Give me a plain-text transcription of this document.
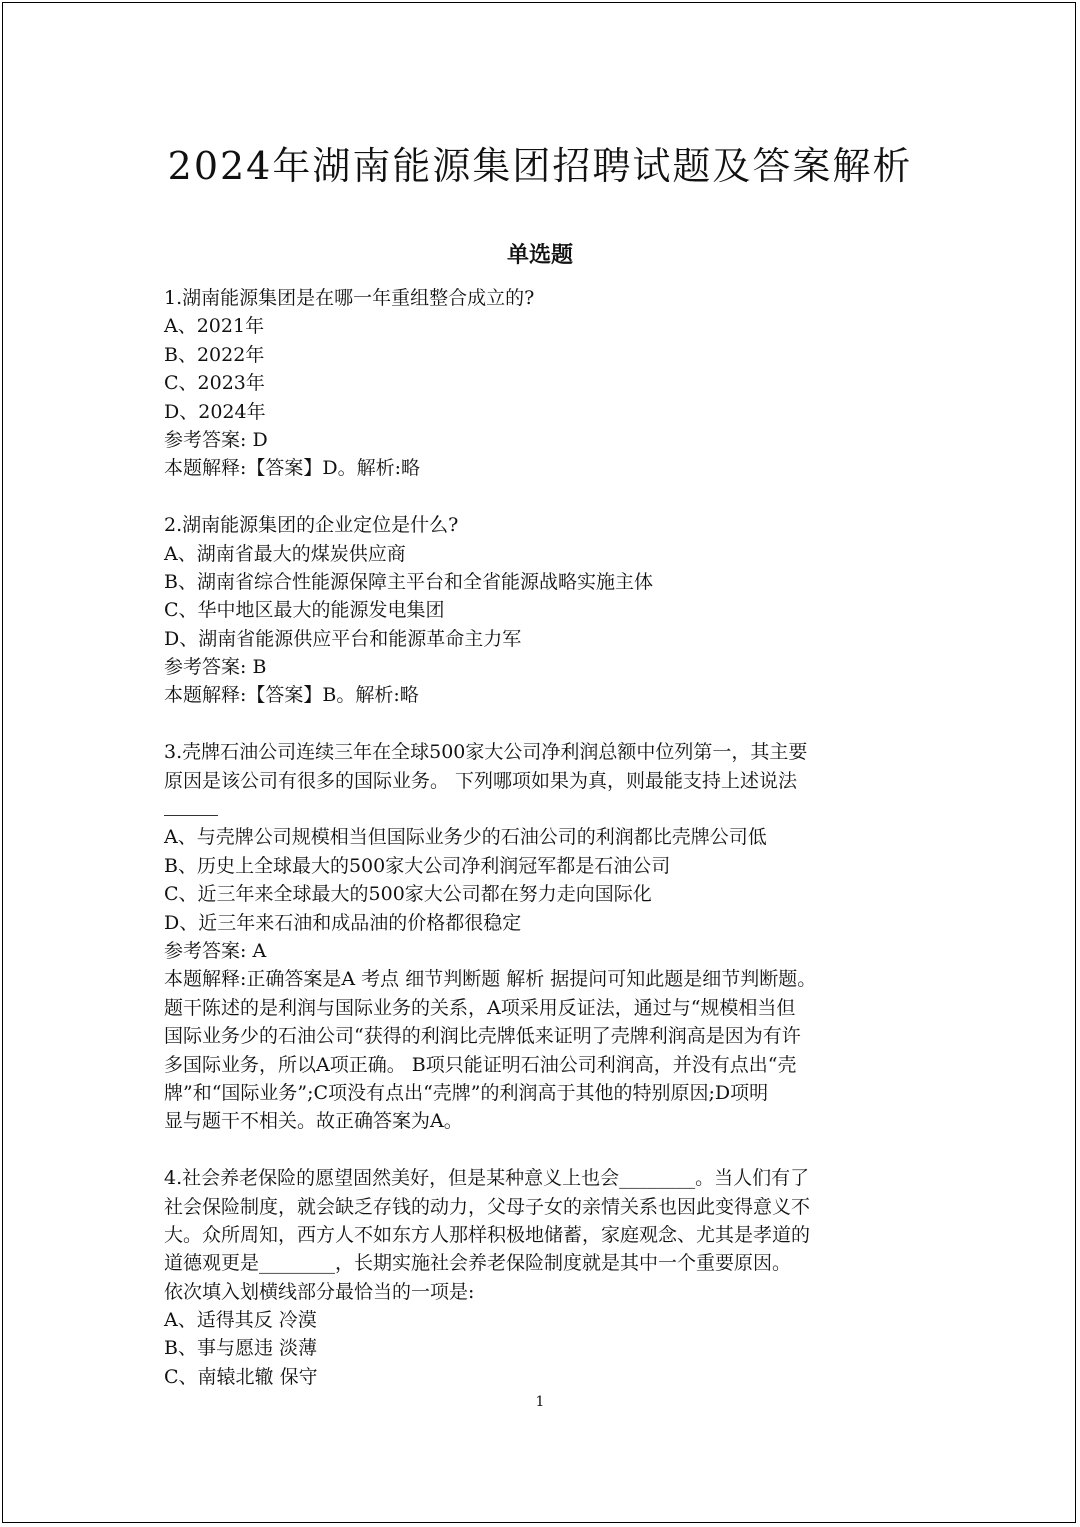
2024年湖南能源集团招聘试题及答案解析
单选题

1.湖南能源集团是在哪一年重组整合成立的?

A、2021年

B、2022年

C、2023年

D、2024年

参考答案: D

本题解释:【答案】D。解析:略

2.湖南能源集团的企业定位是什么?

A、湖南省最大的煤炭供应商

B、湖南省综合性能源保障主平台和全省能源战略实施主体

C、华中地区最大的能源发电集团

D、湖南省能源供应平台和能源革命主力军

参考答案: B

本题解释:【答案】B。解析:略

3.壳牌石油公司连续三年在全球500家大公司净利润总额中位列第一，其主要

原因是该公司有很多的国际业务。 下列哪项如果为真，则最能支持上述说法

A、与壳牌公司规模相当但国际业务少的石油公司的利润都比壳牌公司低

B、历史上全球最大的500家大公司净利润冠军都是石油公司

C、近三年来全球最大的500家大公司都在努力走向国际化

D、近三年来石油和成品油的价格都很稳定

参考答案: A

本题解释:正确答案是A 考点 细节判断题 解析 据提问可知此题是细节判断题。

题干陈述的是利润与国际业务的关系，A项采用反证法，通过与“规模相当但

国际业务少的石油公司“获得的利润比壳牌低来证明了壳牌利润高是因为有许

多国际业务，所以A项正确。 B项只能证明石油公司利润高，并没有点出“壳

牌”和“国际业务”;C项没有点出“壳牌”的利润高于其他的特别原因;D项明

显与题干不相关。故正确答案为A。

4.社会养老保险的愿望固然美好，但是某种意义上也会________。当人们有了

社会保险制度，就会缺乏存钱的动力，父母子女的亲情关系也因此变得意义不

大。众所周知，西方人不如东方人那样积极地储蓄，家庭观念、尤其是孝道的

道德观更是________，长期实施社会养老保险制度就是其中一个重要原因。

依次填入划横线部分最恰当的一项是:

A、适得其反 冷漠

B、事与愿违 淡薄

C、南辕北辙 保守

1
